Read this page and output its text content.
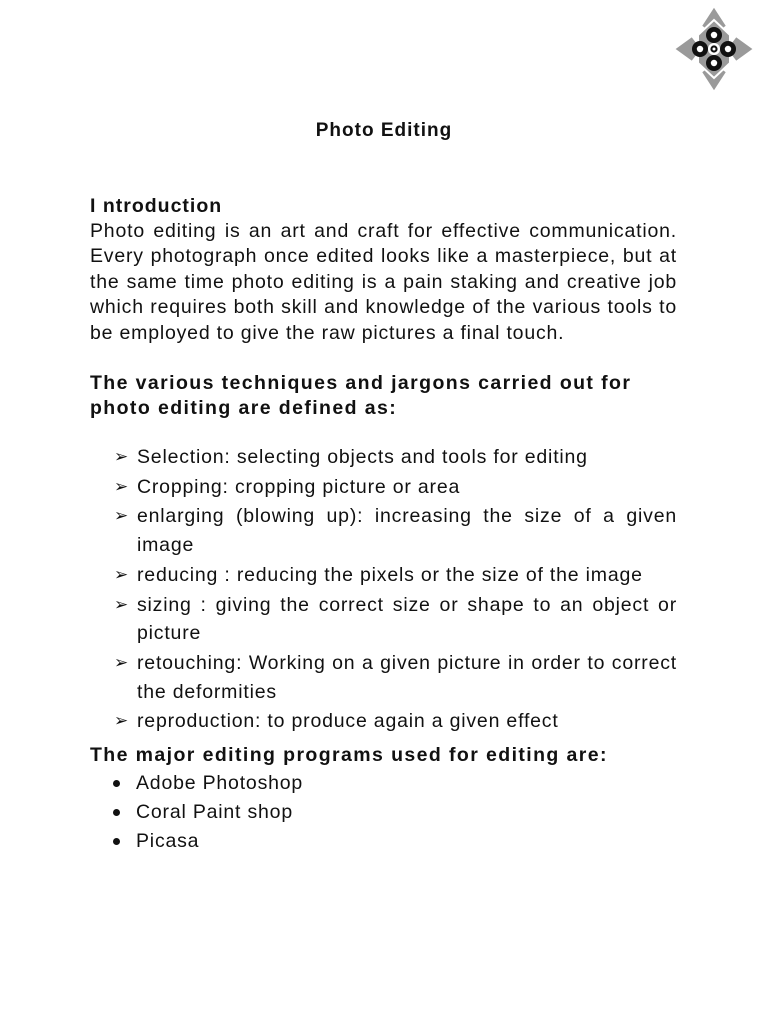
Photo Editing
I ntroduction
Photo editing is an art and craft for effective communication. Every photograph once edited looks like a masterpiece, but at the same time photo editing is a pain staking and creative job which requires both skill and knowledge of the various tools to be employed to give the raw pictures a final touch.
The various techniques and jargons carried out for photo editing are defined as:
➢ Selection: selecting objects and tools for editing
➢ Cropping: cropping picture or area
➢ enlarging (blowing up): increasing the size of a given image
➢ reducing : reducing the pixels or the size of the image
➢ sizing : giving the correct size or shape to an object or picture
➢ retouching: Working on a given picture in order to correct the deformities
➢ reproduction: to produce again a given effect
The major editing programs used for editing are:
Adobe Photoshop
Coral Paint shop
Picasa
